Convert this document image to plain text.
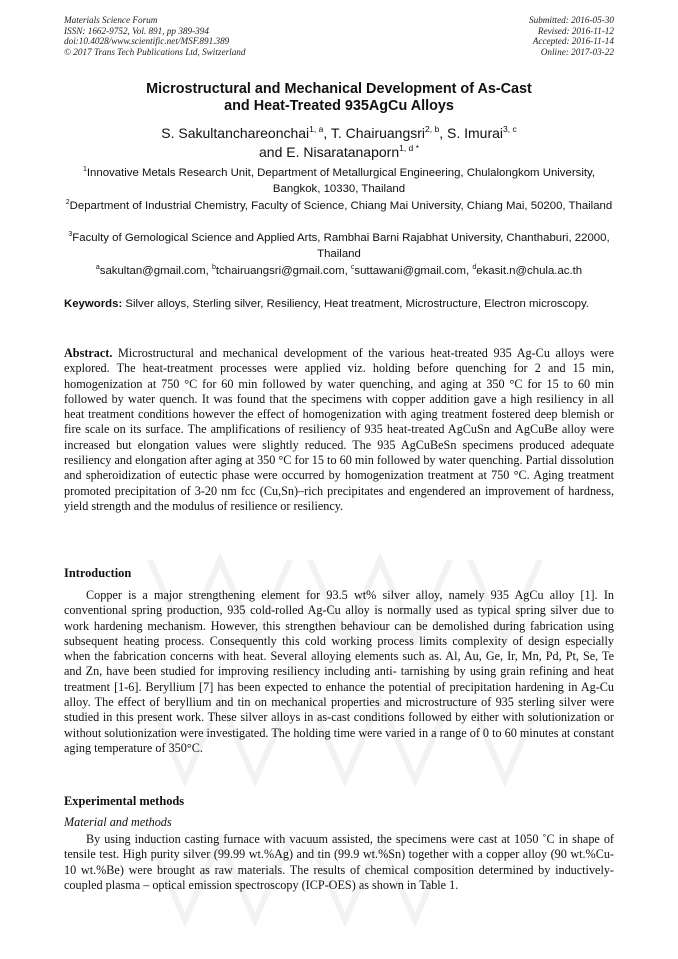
Materials Science Forum
ISSN: 1662-9752, Vol. 891, pp 389-394
doi:10.4028/www.scientific.net/MSF.891.389
© 2017 Trans Tech Publications Ltd, Switzerland
Submitted: 2016-05-30
Revised: 2016-11-12
Accepted: 2016-11-14
Online: 2017-03-22
Microstructural and Mechanical Development of As-Cast
and Heat-Treated 935AgCu Alloys
S. Sakultanchareonchai$^{1, a}$, T. Chairuangsri$^{2, b}$, S. Imurai$^{3, c}$
and E. Nisaratanaporn$^{1, d *}$
$^1$Innovative Metals Research Unit, Department of Metallurgical Engineering, Chulalongkom University, Bangkok, 10330, Thailand
$^2$Department of Industrial Chemistry, Faculty of Science, Chiang Mai University, Chiang Mai, 50200, Thailand
$^3$Faculty of Gemological Science and Applied Arts, Rambhai Barni Rajabhat University, Chanthaburi, 22000, Thailand
$^a$sakultan@gmail.com, $^b$tchairuangsri@gmail.com, $^c$suttawani@gmail.com, $^d$ekasit.n@chula.ac.th
Keywords: Silver alloys, Sterling silver, Resiliency, Heat treatment, Microstructure, Electron microscopy.
Abstract. Microstructural and mechanical development of the various heat-treated 935 Ag-Cu alloys were explored. The heat-treatment processes were applied viz. holding before quenching for 2 and 15 min, homogenization at 750 °C for 60 min followed by water quenching, and aging at 350 °C for 15 to 60 min followed by water quench. It was found that the specimens with copper addition gave a high resiliency in all heat treatment conditions however the effect of homogenization with aging treatment fostered deep blemish or fire scale on its surface. The amplifications of resiliency of 935 heat-treated AgCuSn and AgCuBe alloy were increased but elongation values were slightly reduced. The 935 AgCuBeSn specimens produced adequate resiliency and elongation after aging at 350 °C for 15 to 60 min followed by water quenching. Partial dissolution and spheroidization of eutectic phase were occurred by homogenization treatment at 750 °C. Aging treatment promoted precipitation of 3-20 nm fcc (Cu,Sn)–rich precipitates and engendered an improvement of hardness, yield strength and the modulus of resilience or resiliency.
Introduction
Copper is a major strengthening element for 93.5 wt% silver alloy, namely 935 AgCu alloy [1]. In conventional spring production, 935 cold-rolled Ag-Cu alloy is normally used as typical spring silver due to work hardening mechanism. However, this strengthen behaviour can be demolished during fabrication using subsequent heating process. Consequently this cold working process limits complexity of design especially when the fabrication concerns with heat. Several alloying elements such as. Al, Au, Ge, Ir, Mn, Pd, Pt, Se, Te and Zn, have been studied for improving resiliency including anti- tarnishing by using grain refining and heat treatment [1-6]. Beryllium [7] has been expected to enhance the potential of precipitation hardening in Ag-Cu alloy. The effect of beryllium and tin on mechanical properties and microstructure of 935 sterling silver were studied in this present work. These silver alloys in as-cast conditions followed by either with solutionization or without solutionization were investigated. The holding time were varied in a range of 0 to 60 minutes at constant aging temperature of 350°C.
Experimental methods
Material and methods
By using induction casting furnace with vacuum assisted, the specimens were cast at 1050 ˚C in shape of tensile test. High purity silver (99.99 wt.%Ag) and tin (99.9 wt.%Sn) together with a copper alloy (90 wt.%Cu- 10 wt.%Be) were brought as raw materials. The results of chemical composition determined by inductively-coupled plasma – optical emission spectroscopy (ICP-OES) as shown in Table 1.
